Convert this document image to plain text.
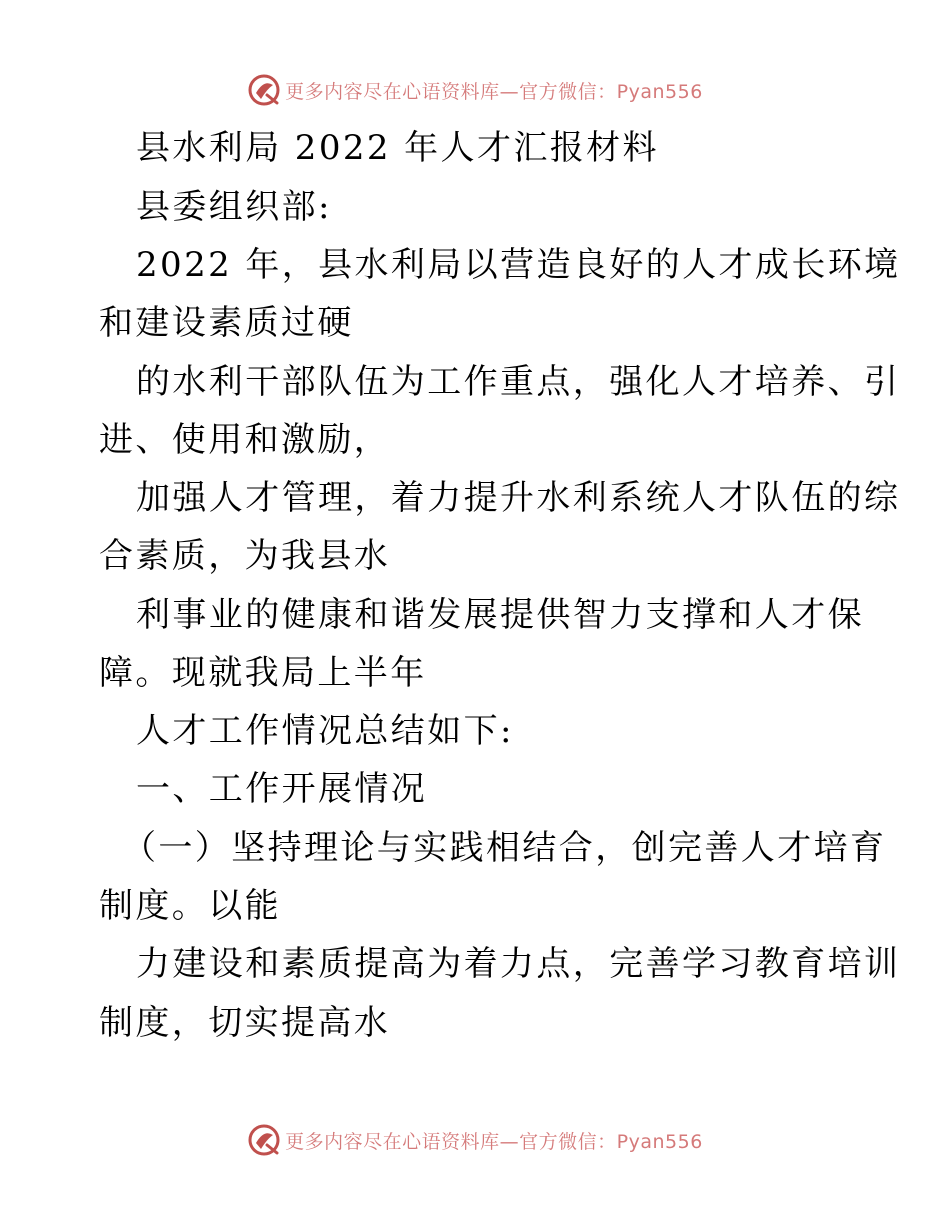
更多内容尽在心语资料库—官方微信：Pyan556
县水利局 2022 年人才汇报材料
县委组织部:
2022 年，县水利局以营造良好的人才成长环境
和建设素质过硬
的水利干部队伍为工作重点，强化人才培养、引
进、使用和激励，
加强人才管理，着力提升水利系统人才队伍的综
合素质，为我县水
利事业的健康和谐发展提供智力支撑和人才保
障。现就我局上半年
人才工作情况总结如下:
一、工作开展情况
（一）坚持理论与实践相结合，创完善人才培育
制度。以能
力建设和素质提高为着力点，完善学习教育培训
制度，切实提高水
更多内容尽在心语资料库—官方微信：Pyan556
